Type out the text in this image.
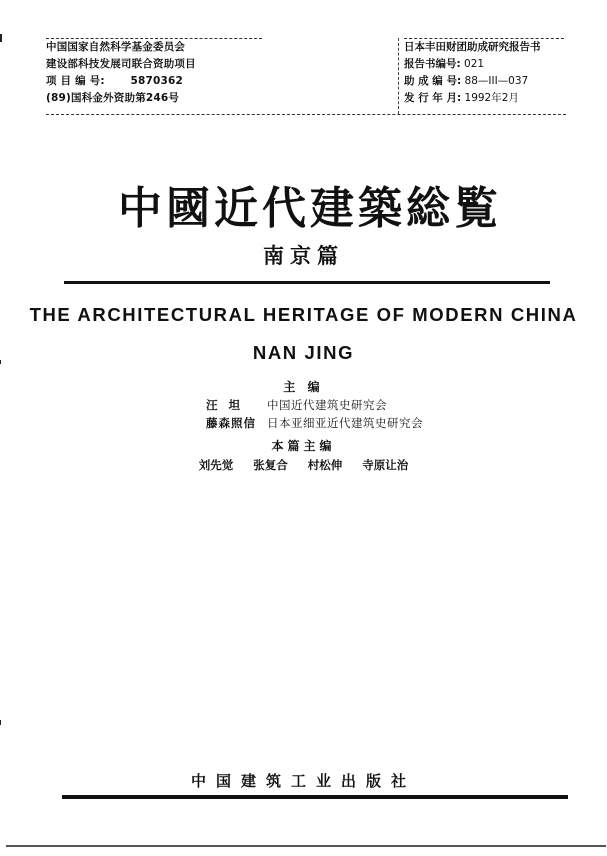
中国国家自然科学基金委员会
建设部科技发展司联合资助项目
项 目 编 号: 5870362
(89)国科金外资助第246号
日本丰田财团助成研究报告书
报告书编号: 021
助 成 编 号: 88—III—037
发 行 年 月: 1992年2月
中國近代建築総覧
南京篇
THE ARCHITECTURAL HERITAGE OF MODERN CHINA
NAN JING
主 编
汪  坦	中国近代建筑史研究会
藤森照信 日本亚细亚近代建筑史研究会
本篇主编
刘先觉 张复合 村松伸 寺原让治
中国建筑工业出版社
